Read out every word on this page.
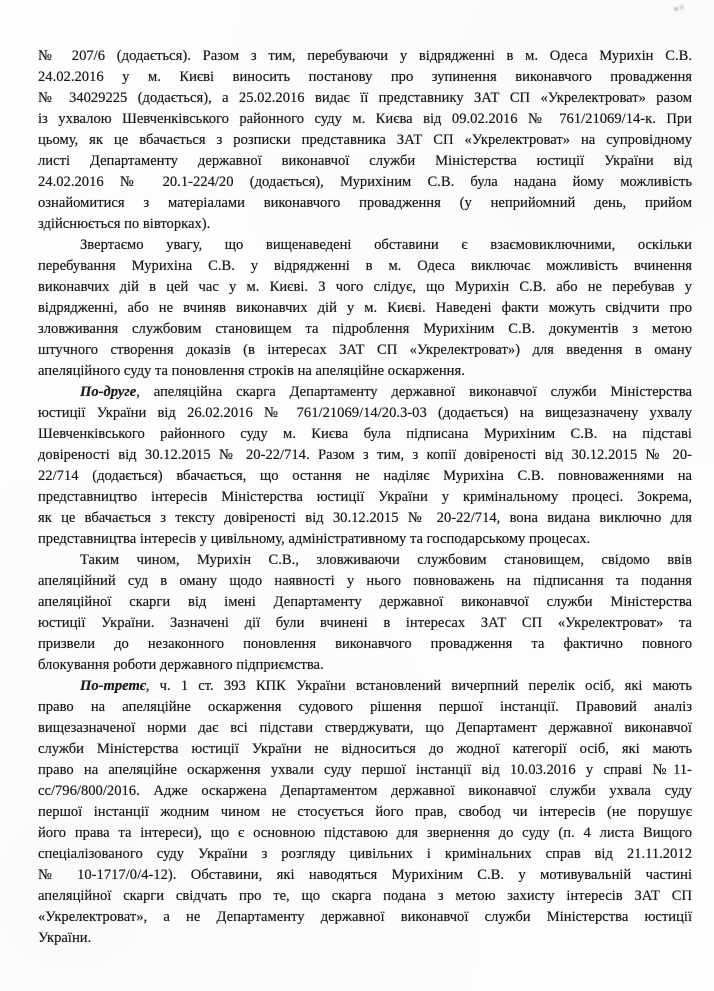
№ 207/6 (додається). Разом з тим, перебуваючи у відрядженні в м. Одеса Мурихін С.В.
24.02.2016 у м. Києві виносить постанову про зупинення виконавчого провадження
№ 34029225 (додається), а 25.02.2016 видає її представнику ЗАТ СП «Укрелектроват» разом
із ухвалою Шевченківського районного суду м. Києва від 09.02.2016 № 761/21069/14-к. При
цьому, як це вбачається з розписки представника ЗАТ СП «Укрелектроват» на супровідному
листі Департаменту державної виконавчої служби Міністерства юстиції України від
24.02.2016 № 20.1-224/20 (додається), Мурихіним С.В. була надана йому можливість
ознайомитися з матеріалами виконавчого провадження (у неприйомний день, прийом
здійснюється по вівторках).
Звертаємо увагу, що вищенаведені обставини є взаємовиключними, оскільки
перебування Мурихіна С.В. у відрядженні в м. Одеса виключає можливість вчинення
виконавчих дій в цей час у м. Києві. З чого слідує, що Мурихін С.В. або не перебував у
відрядженні, або не вчиняв виконавчих дій у м. Києві. Наведені факти можуть свідчити про
зловживання службовим становищем та підроблення Мурихіним С.В. документів з метою
штучного створення доказів (в інтересах ЗАТ СП «Укрелектроват») для введення в оману
апеляційного суду та поновлення строків на апеляційне оскарження.
По-друге, апеляційна скарга Департаменту державної виконавчої служби Міністерства
юстиції України від 26.02.2016 № 761/21069/14/20.3-03 (додається) на вищезазначену ухвалу
Шевченківського районного суду м. Києва була підписана Мурихіним С.В. на підставі
довіреності від 30.12.2015 № 20-22/714. Разом з тим, з копії довіреності від 30.12.2015 № 20-
22/714 (додається) вбачається, що остання не наділяє Мурихіна С.В. повноваженнями на
представництво інтересів Міністерства юстиції України у кримінальному процесі. Зокрема,
як це вбачається з тексту довіреності від 30.12.2015 № 20-22/714, вона видана виключно для
представництва інтересів у цивільному, адміністративному та господарському процесах.
Таким чином, Мурихін С.В., зловживаючи службовим становищем, свідомо ввів
апеляційний суд в оману щодо наявності у нього повноважень на підписання та подання
апеляційної скарги від імені Департаменту державної виконавчої служби Міністерства
юстиції України. Зазначені дії були вчинені в інтересах ЗАТ СП «Укрелектроват» та
призвели до незаконного поновлення виконавчого провадження та фактично повного
блокування роботи державного підприємства.
По-третє, ч. 1 ст. 393 КПК України встановлений вичерпний перелік осіб, які мають
право на апеляційне оскарження судового рішення першої інстанції. Правовий аналіз
вищезазначеної норми дає всі підстави стверджувати, що Департамент державної виконавчої
служби Міністерства юстиції України не відноситься до жодної категорії осіб, які мають
право на апеляційне оскарження ухвали суду першої інстанції від 10.03.2016 у справі №11-
сс/796/800/2016. Адже оскаржена Департаментом державної виконавчої служби ухвала суду
першої інстанції жодним чином не стосується його прав, свобод чи інтересів (не порушує
його права та інтереси), що є основною підставою для звернення до суду (п. 4 листа Вищого
спеціалізованого суду України з розгляду цивільних і кримінальних справ від 21.11.2012
№ 10-1717/0/4-12). Обставини, які наводяться Мурихіним С.В. у мотивувальній частині
апеляційної скарги свідчать про те, що скарга подана з метою захисту інтересів ЗАТ СП
«Укрелектроват», а не Департаменту державної виконавчої служби Міністерства юстиції
України.
